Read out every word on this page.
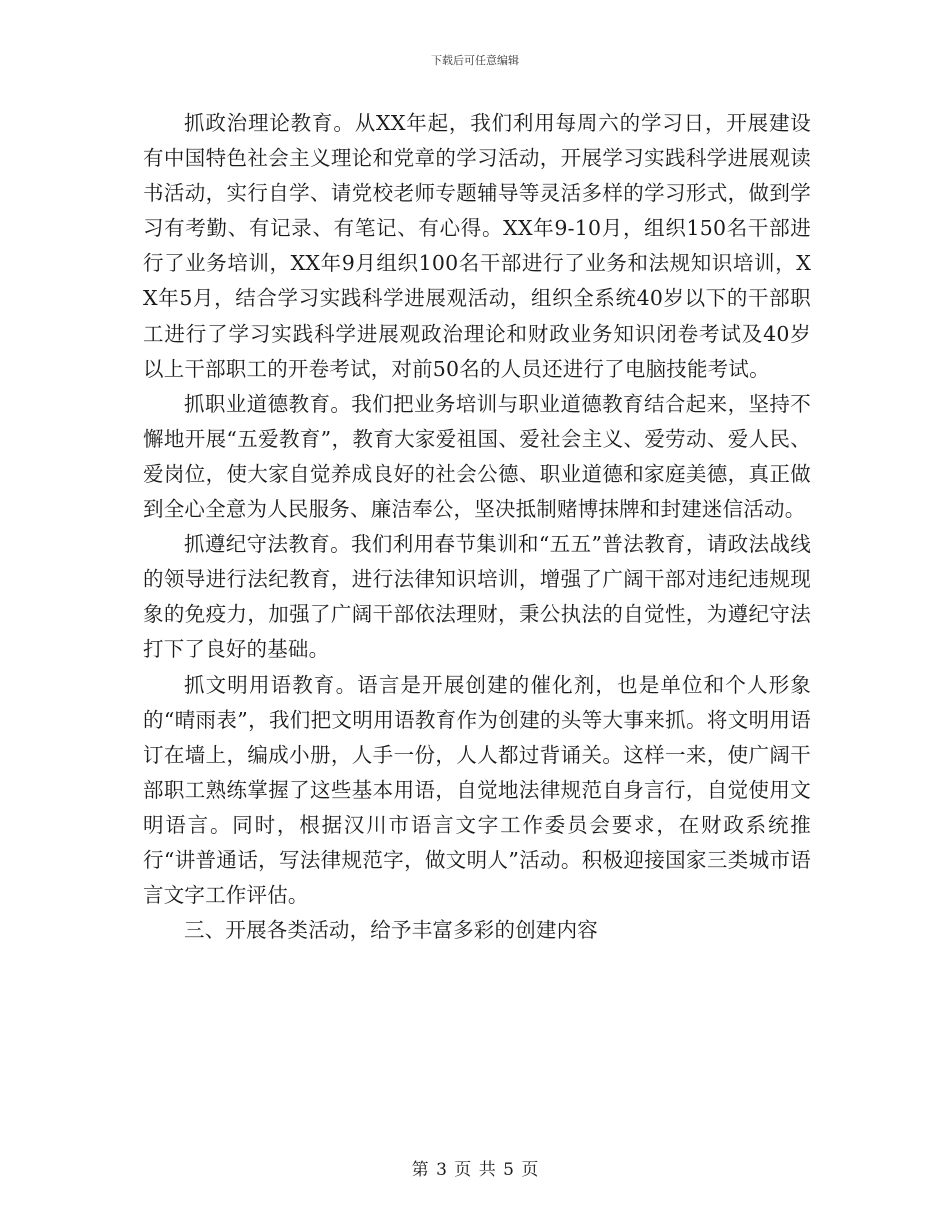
下载后可任意编辑

抓政治理论教育。从XX年起，我们利用每周六的学习日，开展建设有中国特色社会主义理论和党章的学习活动，开展学习实践科学进展观读书活动，实行自学、请党校老师专题辅导等灵活多样的学习形式，做到学习有考勤、有记录、有笔记、有心得。XX年9-10月，组织150名干部进行了业务培训，XX年9月组织100名干部进行了业务和法规知识培训，XX年5月，结合学习实践科学进展观活动，组织全系统40岁以下的干部职工进行了学习实践科学进展观政治理论和财政业务知识闭卷考试及40岁以上干部职工的开卷考试，对前50名的人员还进行了电脑技能考试。

抓职业道德教育。我们把业务培训与职业道德教育结合起来，坚持不懈地开展“五爱教育”，教育大家爱祖国、爱社会主义、爱劳动、爱人民、爱岗位，使大家自觉养成良好的社会公德、职业道德和家庭美德，真正做到全心全意为人民服务、廉洁奉公，坚决抵制赌博抹牌和封建迷信活动。

抓遵纪守法教育。我们利用春节集训和“五五”普法教育，请政法战线的领导进行法纪教育，进行法律知识培训，增强了广阔干部对违纪违规现象的免疫力，加强了广阔干部依法理财，秉公执法的自觉性，为遵纪守法打下了良好的基础。

抓文明用语教育。语言是开展创建的催化剂，也是单位和个人形象的“晴雨表”，我们把文明用语教育作为创建的头等大事来抓。将文明用语订在墙上，编成小册，人手一份，人人都过背诵关。这样一来，使广阔干部职工熟练掌握了这些基本用语，自觉地法律规范自身言行，自觉使用文明语言。同时，根据汉川市语言文字工作委员会要求，在财政系统推行“讲普通话，写法律规范字，做文明人”活动。积极迎接国家三类城市语言文字工作评估。

三、开展各类活动，给予丰富多彩的创建内容

第 3 页 共 5 页
